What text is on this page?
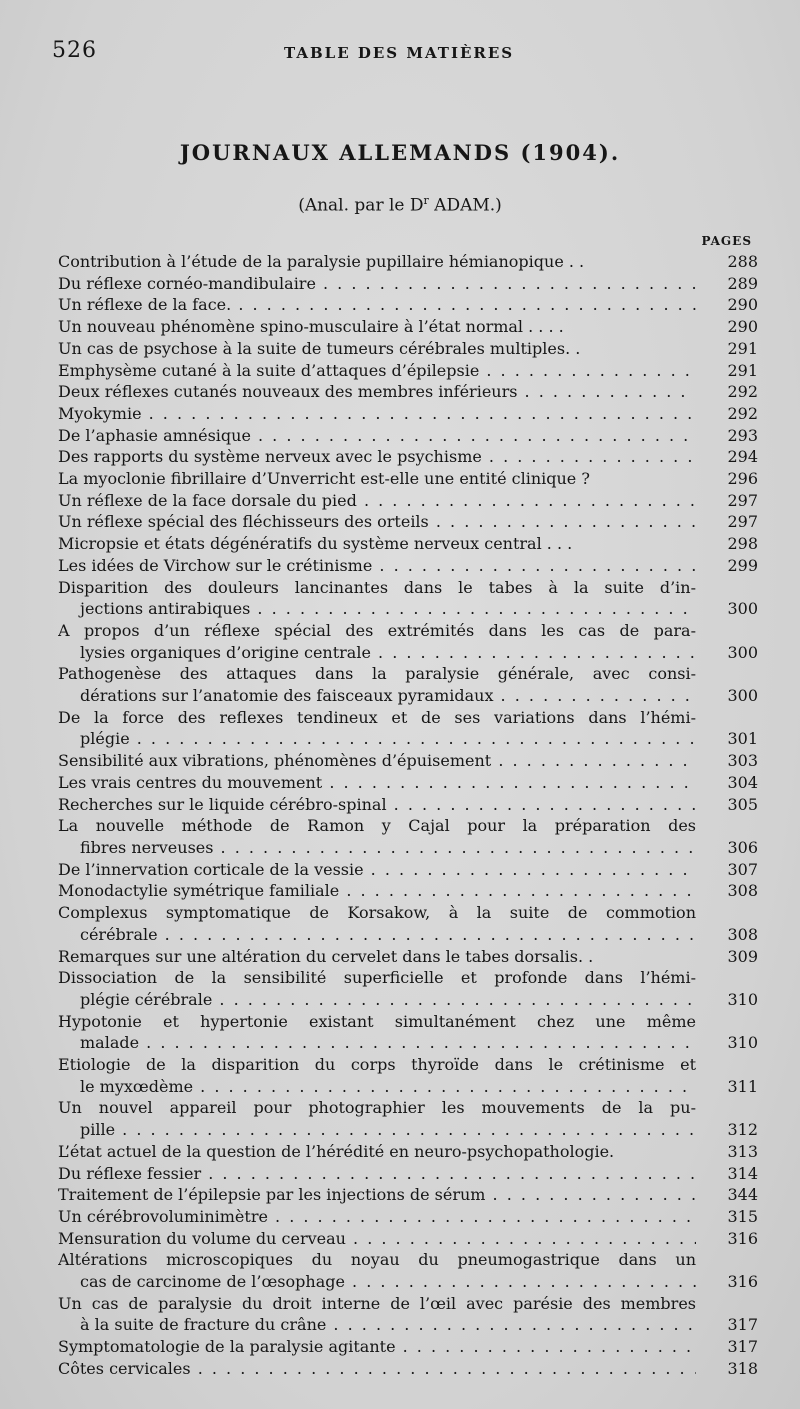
526	TABLE DES MATIÈRES
JOURNAUX ALLEMANDS (1904).
(Anal. par le $D^r$ ADAM.)
PAGES
Contribution à l’étude de la paralysie pupillaire hémianopique . .	288
Du réflexe cornéo-mandibulaire . . .	289
Un réflexe de la face. . . .	290
Un nouveau phénomène spino-musculaire à l’état normal . . . .	290
Un cas de psychose à la suite de tumeurs cérébrales multiples. .	291
Emphysème cutané à la suite d’attaques d’épilepsie . . .	291
Deux réflexes cutanés nouveaux des membres inférieurs . . .	292
Myokymie . . .	292
De l’aphasie amnésique . . .	293
Des rapports du système nerveux avec le psychisme . . .	294
La myoclonie fibrillaire d’Unverricht est-elle une entité clinique ?	296
Un réflexe de la face dorsale du pied . . .	297
Un réflexe spécial des fléchisseurs des orteils . . .	297
Micropsie et états dégénératifs du système nerveux central . . .	298
Les idées de Virchow sur le crétinisme . . .	299
Disparition des douleurs lancinantes dans le tabes à la suite d’in-
jections antirabiques . . .	300
A propos d’un réflexe spécial des extrémités dans les cas de para-
lysies organiques d’origine centrale . . .	300
Pathogenèse des attaques dans la paralysie générale, avec consi-
dérations sur l’anatomie des faisceaux pyramidaux . . .	300
De la force des reflexes tendineux et de ses variations dans l’hémi-
plégie . . .	301
Sensibilité aux vibrations, phénomènes d’épuisement . . .	303
Les vrais centres du mouvement . . .	304
Recherches sur le liquide cérébro-spinal . . .	305
La nouvelle méthode de Ramon y Cajal pour la préparation des
fibres nerveuses . . .	306
De l’innervation corticale de la vessie . . .	307
Monodactylie symétrique familiale . . .	308
Complexus symptomatique de Korsakow, à la suite de commotion
cérébrale . . .	308
Remarques sur une altération du cervelet dans le tabes dorsalis. .	309
Dissociation de la sensibilité superficielle et profonde dans l’hémi-
plégie cérébrale . . .	310
Hypotonie et hypertonie existant simultanément chez une même
malade . . .	310
Etiologie de la disparition du corps thyroïde dans le crétinisme et
le myxœdème . . .	311
Un nouvel appareil pour photographier les mouvements de la pu-
pille . . .	312
L’état actuel de la question de l’hérédité en neuro-psychopathologie.	313
Du réflexe fessier . . .	314
Traitement de l’épilepsie par les injections de sérum . . .	344
Un cérébrovoluminimètre . . .	315
Mensuration du volume du cerveau . . .	316
Altérations microscopiques du noyau du pneumogastrique dans un
cas de carcinome de l’œsophage . . .	316
Un cas de paralysie du droit interne de l’œil avec parésie des membres
à la suite de fracture du crâne . . .	317
Symptomatologie de la paralysie agitante . . .	317
Côtes cervicales . . .	318
